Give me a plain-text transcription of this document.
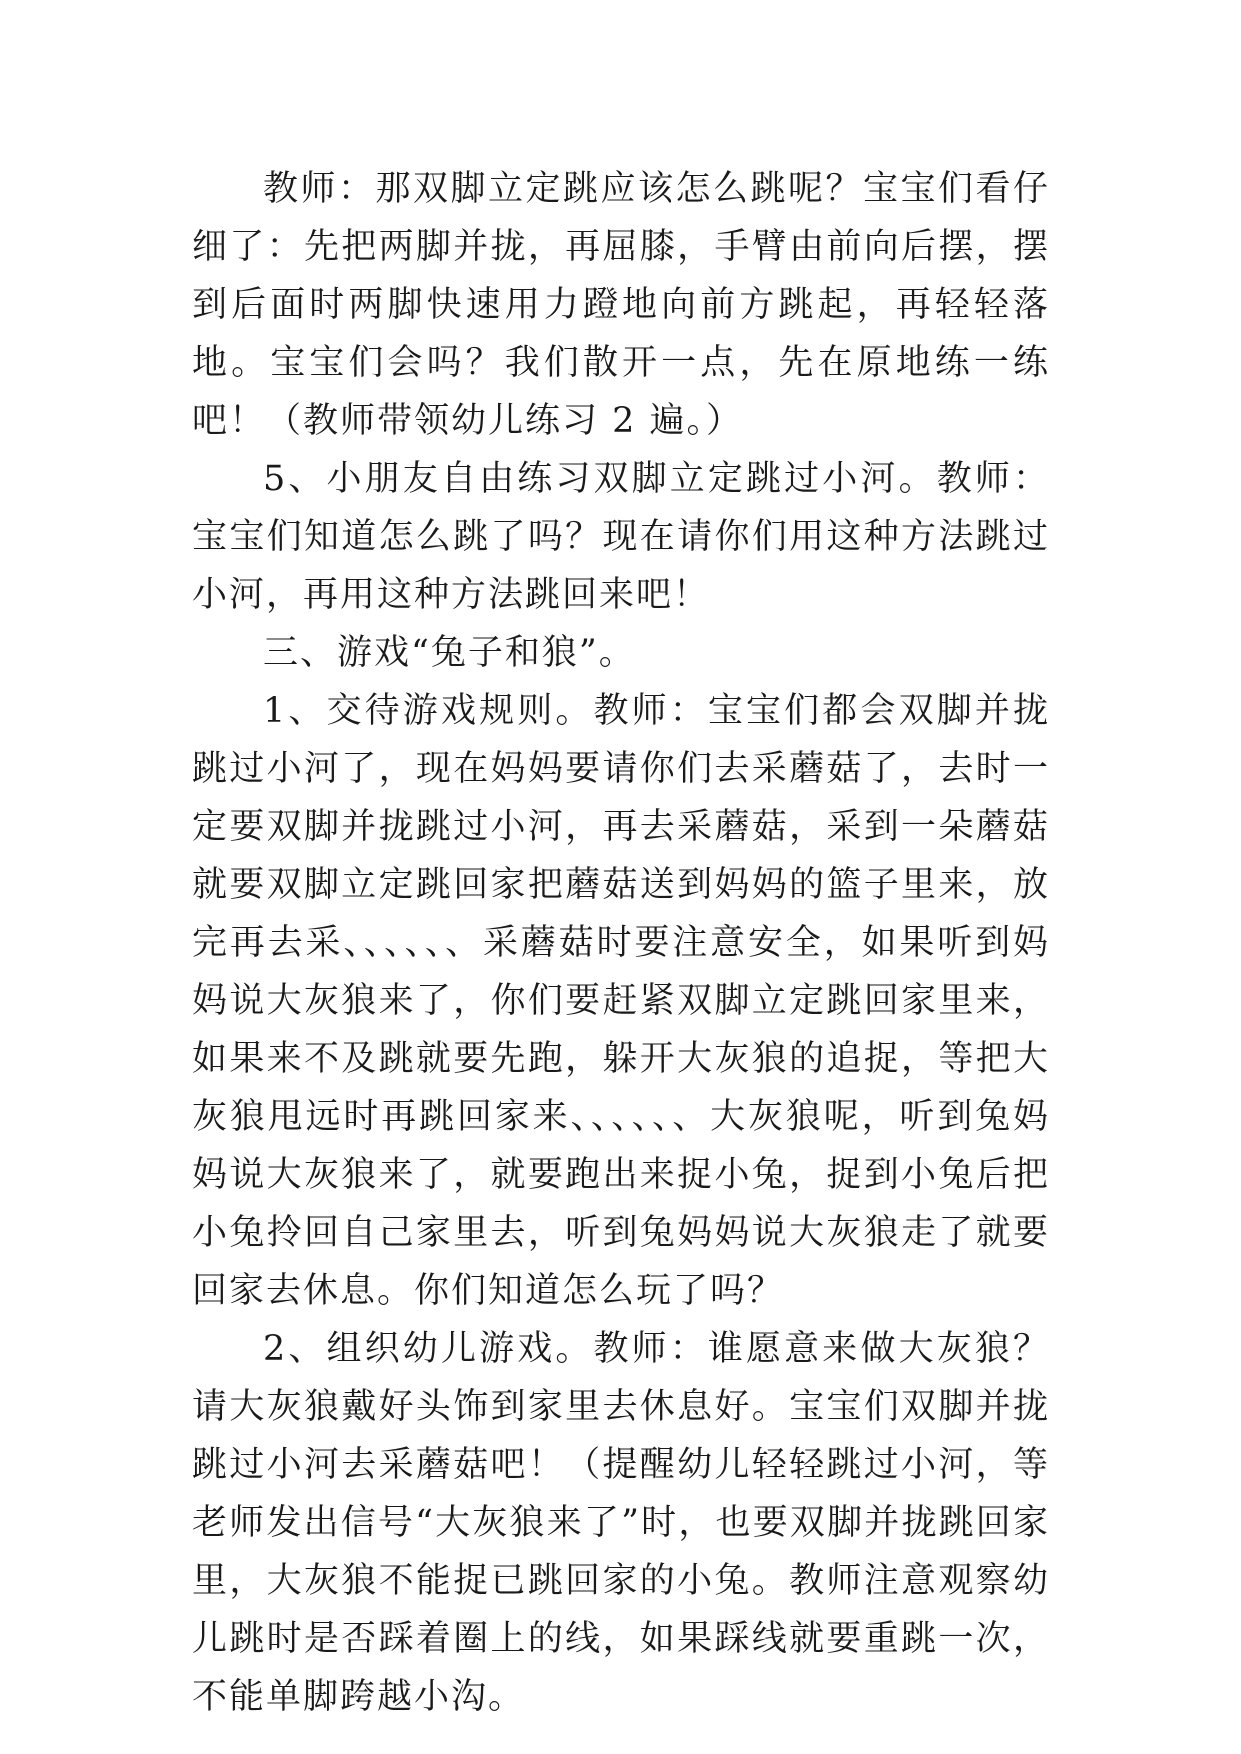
教师：那双脚立定跳应该怎么跳呢？宝宝们看仔细了：先把两脚并拢，再屈膝，手臂由前向后摆，摆到后面时两脚快速用力蹬地向前方跳起，再轻轻落地。宝宝们会吗？我们散开一点，先在原地练一练吧！（教师带领幼儿练习 2 遍。）

5、小朋友自由练习双脚立定跳过小河。教师：宝宝们知道怎么跳了吗？现在请你们用这种方法跳过小河，再用这种方法跳回来吧！

三、游戏“兔子和狼”。

1、交待游戏规则。教师：宝宝们都会双脚并拢跳过小河了，现在妈妈要请你们去采蘑菇了，去时一定要双脚并拢跳过小河，再去采蘑菇，采到一朵蘑菇就要双脚立定跳回家把蘑菇送到妈妈的篮子里来，放完再去采、、、、、、采蘑菇时要注意安全，如果听到妈妈说大灰狼来了，你们要赶紧双脚立定跳回家里来，如果来不及跳就要先跑，躲开大灰狼的追捉，等把大灰狼甩远时再跳回家来、、、、、、大灰狼呢，听到兔妈妈说大灰狼来了，就要跑出来捉小兔，捉到小兔后把小兔拎回自己家里去，听到兔妈妈说大灰狼走了就要回家去休息。你们知道怎么玩了吗？

2、组织幼儿游戏。教师：谁愿意来做大灰狼？请大灰狼戴好头饰到家里去休息好。宝宝们双脚并拢跳过小河去采蘑菇吧！（提醒幼儿轻轻跳过小河，等老师发出信号“大灰狼来了”时，也要双脚并拢跳回家里，大灰狼不能捉已跳回家的小兔。教师注意观察幼儿跳时是否踩着圈上的线，如果踩线就要重跳一次，不能单脚跨越小沟。
